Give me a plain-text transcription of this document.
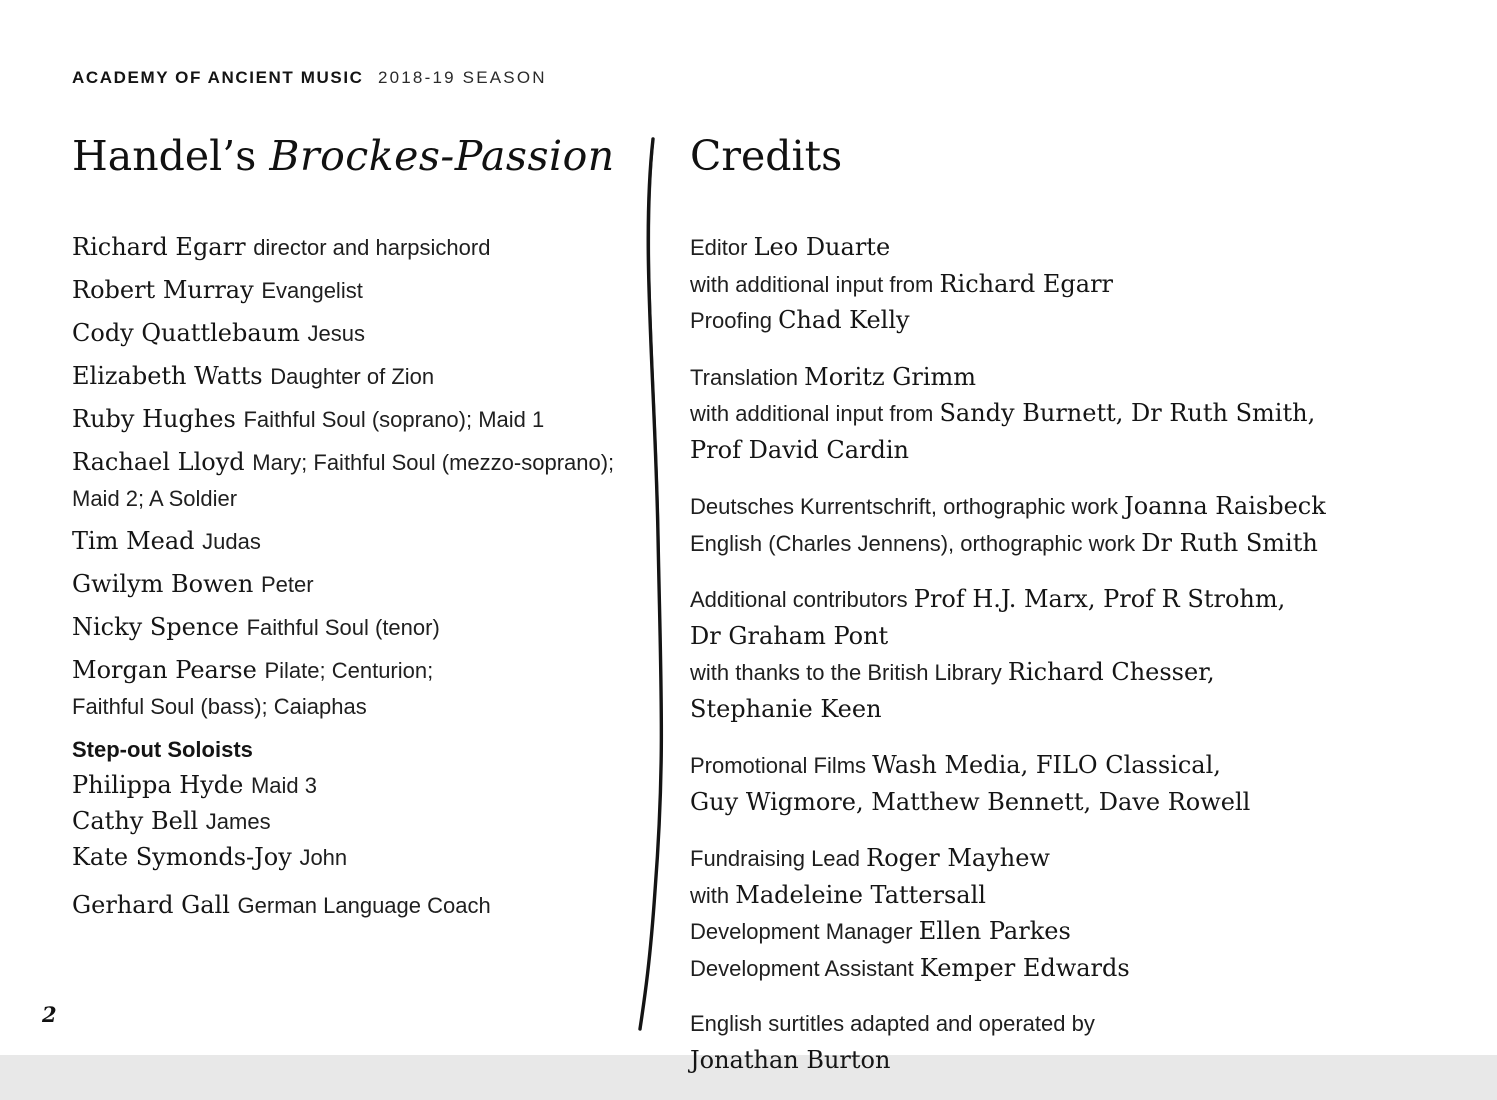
ACADEMY OF ANCIENT MUSIC 2018-19 SEASON
Handel’s Brockes-Passion
Richard Egarr director and harpsichord
Robert Murray Evangelist
Cody Quattlebaum Jesus
Elizabeth Watts Daughter of Zion
Ruby Hughes Faithful Soul (soprano); Maid 1
Rachael Lloyd Mary; Faithful Soul (mezzo-soprano);
Maid 2; A Soldier
Tim Mead Judas
Gwilym Bowen Peter
Nicky Spence Faithful Soul (tenor)
Morgan Pearse Pilate; Centurion;
Faithful Soul (bass); Caiaphas
Step-out Soloists
Philippa Hyde Maid 3
Cathy Bell James
Kate Symonds-Joy John
Gerhard Gall German Language Coach
Credits
Editor Leo Duarte
with additional input from Richard Egarr
Proofing Chad Kelly
Translation Moritz Grimm
with additional input from Sandy Burnett, Dr Ruth Smith,
Prof David Cardin
Deutsches Kurrentschrift, orthographic work Joanna Raisbeck
English (Charles Jennens), orthographic work Dr Ruth Smith
Additional contributors Prof H.J. Marx, Prof R Strohm,
Dr Graham Pont
with thanks to the British Library Richard Chesser,
Stephanie Keen
Promotional Films Wash Media, FILO Classical,
Guy Wigmore, Matthew Bennett, Dave Rowell
Fundraising Lead Roger Mayhew
with Madeleine Tattersall
Development Manager Ellen Parkes
Development Assistant Kemper Edwards
English surtitles adapted and operated by
Jonathan Burton
2
